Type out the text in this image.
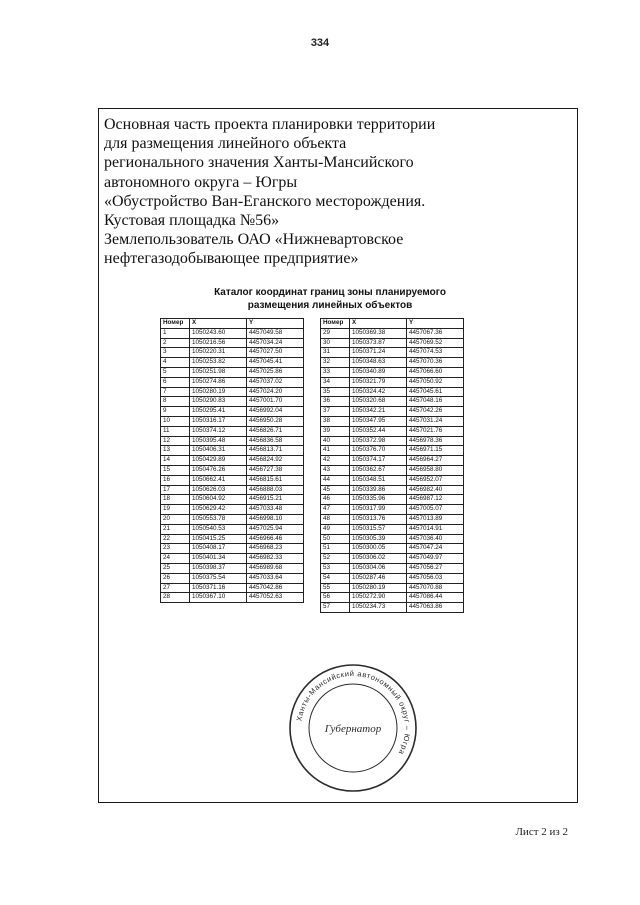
334

Основная часть проекта планировки территории
для размещения линейного объекта
регионального значения Ханты-Мансийского
автономного округа – Югры
«Обустройство Ван-Еганского месторождения.
Кустовая площадка №56»
Землепользователь ОАО «Нижневартовское
нефтегазодобывающее предприятие»

Каталог координат границ зоны планируемого
размещения линейных объектов
Номер	X	Y
1	1050243.60	4457049.58
2	1050216.56	4457034.24
3	1050220.31	4457027.50
4	1050253.82	4457045.41
5	1050251.98	4457025.86
6	1050274.86	4457037.02
7	1050280.19	4457024.20
8	1050290.83	4457001.70
9	1050295.41	4456992.04
10	1050316.17	4456950.28
11	1050374.12	4456826.71
12	1050395.48	4456836.58
13	1050406.31	4456813.71
14	1050429.89	4456824.92
15	1050476.26	4456727.38
16	1050662.41	4456815.61
17	1050626.03	4456888.03
18	1050604.92	4456915.21
19	1050629.42	4457033.48
20	1050553.78	4456998.10
21	1050540.53	4457025.94
22	1050415.25	4456966.46
23	1050408.17	4456968.23
24	1050401.34	4456982.33
25	1050398.37	4456989.68
26	1050375.54	4457033.64
27	1050371.16	4457042.86
28	1050367.10	4457052.63
Номер	X	Y
29	1050369.38	4457067.36
30	1050373.87	4457069.52
31	1050371.24	4457074.53
32	1050348.63	4457070.36
33	1050340.89	4457066.60
34	1050321.79	4457050.92
35	1050324.42	4457045.61
36	1050320.68	4457048.16
37	1050342.21	4457042.26
38	1050347.95	4457031.24
39	1050352.44	4457021.76
40	1050372.98	4456978.36
41	1050376.70	4456971.15
42	1050374.17	4456964.27
43	1050362.67	4456958.80
44	1050348.51	4456952.07
45	1050339.86	4456982.40
46	1050335.96	4456987.12
47	1050317.99	4457005.07
48	1050313.76	4457013.89
49	1050315.57	4457014.91
50	1050305.39	4457036.40
51	1050300.05	4457047.24
52	1050306.02	4457049.97
53	1050304.06	4457056.27
54	1050287.46	4457056.03
55	1050280.19	4457070.88
56	1050272.90	4457086.44
57	1050234.73	4457063.86
Ханты-Мансийский автономный округ – Югра
Губернатор
Лист 2 из 2
